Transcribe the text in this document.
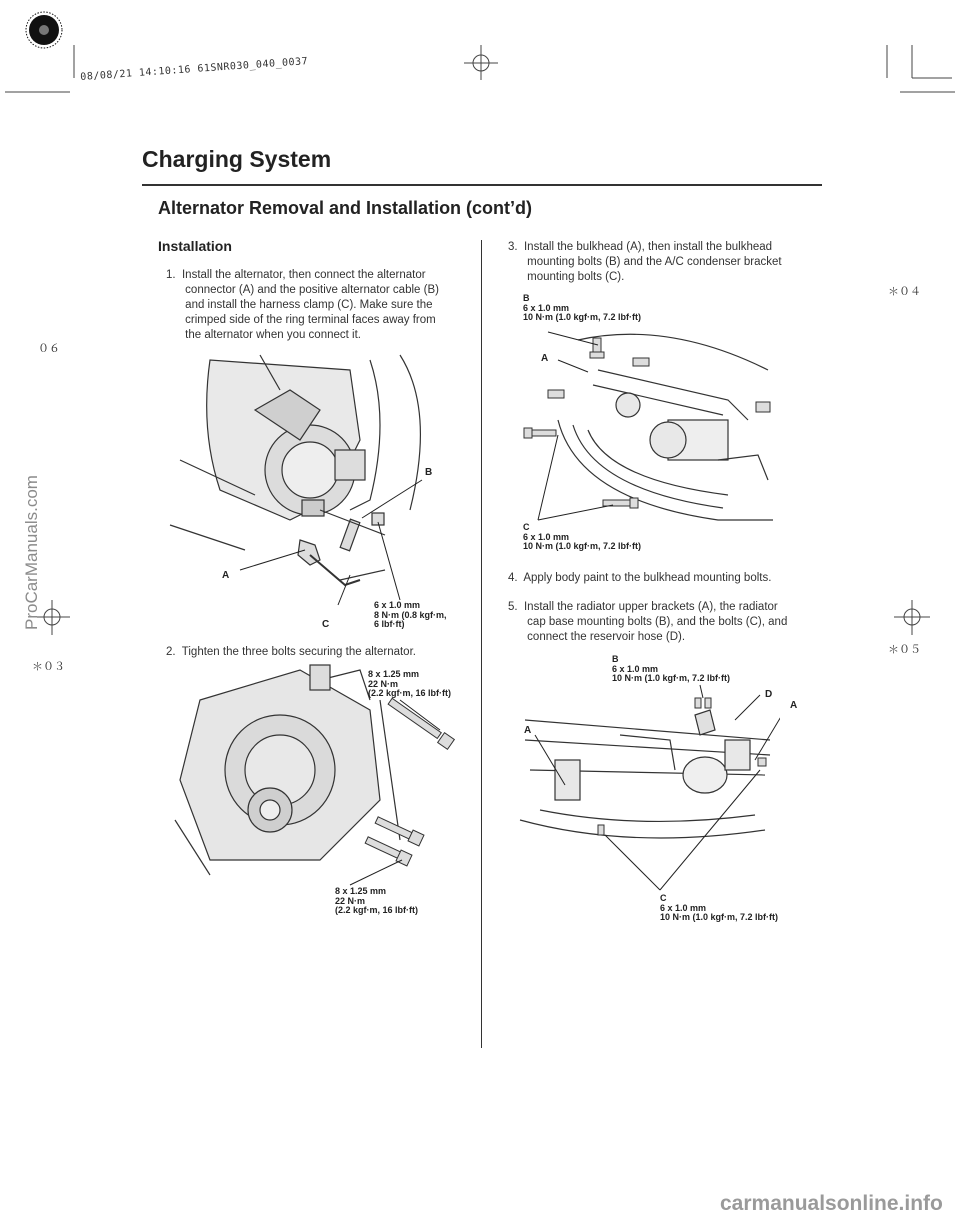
08/08/21 14:10:16 61SNR030_040_0037
ProCarManuals.com
０６
＊０３
＊０４
＊０５
Charging System
Alternator Removal and Installation (cont’d)
Installation
1.  Install the alternator, then connect the alternator
connector (A) and the positive alternator cable (B)
and install the harness clamp (C). Make sure the
crimped side of the ring terminal faces away from
the alternator when you connect it.
2.  Tighten the three bolts securing the alternator.
3.  Install the bulkhead (A), then install the bulkhead
mounting bolts (B) and the A/C condenser bracket
mounting bolts (C).
4.  Apply body paint to the bulkhead mounting bolts.
5.  Install the radiator upper brackets (A), the radiator
cap base mounting bolts (B), and the bolts (C), and
connect the reservoir hose (D).
A
B
C
6 x 1.0 mm
8 N·m (0.8 kgf·m,
6 lbf·ft)
8 x 1.25 mm
22 N·m
(2.2 kgf·m, 16 lbf·ft)
8 x 1.25 mm
22 N·m
(2.2 kgf·m, 16 lbf·ft)
B
6 x 1.0 mm
10 N·m (1.0 kgf·m, 7.2 lbf·ft)
A
C
6 x 1.0 mm
10 N·m (1.0 kgf·m, 7.2 lbf·ft)
B
6 x 1.0 mm
10 N·m (1.0 kgf·m, 7.2 lbf·ft)
D
A
A
C
6 x 1.0 mm
10 N·m (1.0 kgf·m, 7.2 lbf·ft)
carmanualsonline.info
